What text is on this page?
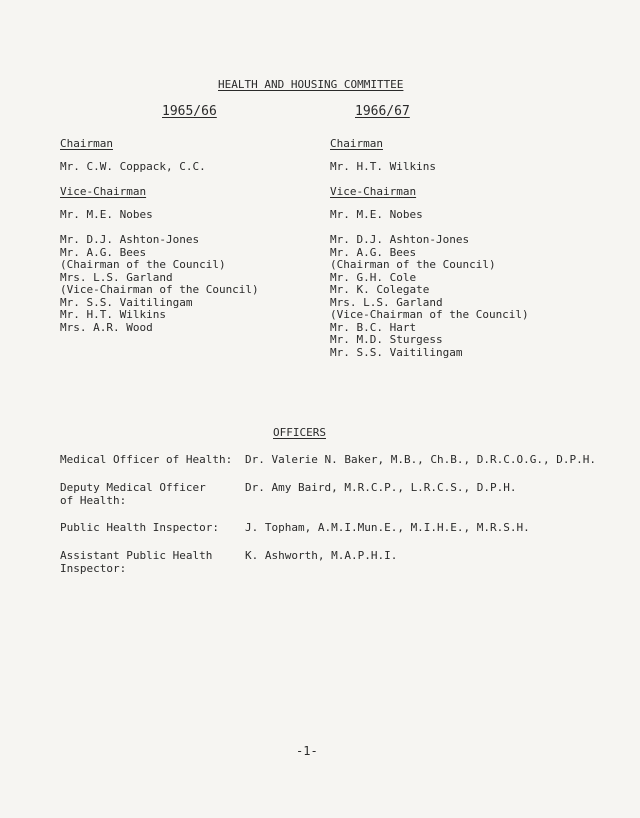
HEALTH AND HOUSING COMMITTEE
1965/66	1966/67
Chairman
Mr. C.W. Coppack, C.C.
Vice-Chairman
Mr. M.E. Nobes
Mr. D.J. Ashton-Jones
Mr. A.G. Bees
(Chairman of the Council)
Mrs. L.S. Garland
(Vice-Chairman of the Council)
Mr. S.S. Vaitilingam
Mr. H.T. Wilkins
Mrs. A.R. Wood
Chairman
Mr. H.T. Wilkins
Vice-Chairman
Mr. M.E. Nobes
Mr. D.J. Ashton-Jones
Mr. A.G. Bees
(Chairman of the Council)
Mr. G.H. Cole
Mr. K. Colegate
Mrs. L.S. Garland
(Vice-Chairman of the Council)
Mr. B.C. Hart
Mr. M.D. Sturgess
Mr. S.S. Vaitilingam
OFFICERS
Medical Officer of Health: Dr. Valerie N. Baker, M.B., Ch.B., D.R.C.O.G., D.P.H.
Deputy Medical Officer
of Health:
Dr. Amy Baird, M.R.C.P., L.R.C.S., D.P.H.
Public Health Inspector: J. Topham, A.M.I.Mun.E., M.I.H.E., M.R.S.H.
Assistant Public Health
Inspector:
K. Ashworth, M.A.P.H.I.
-1-
